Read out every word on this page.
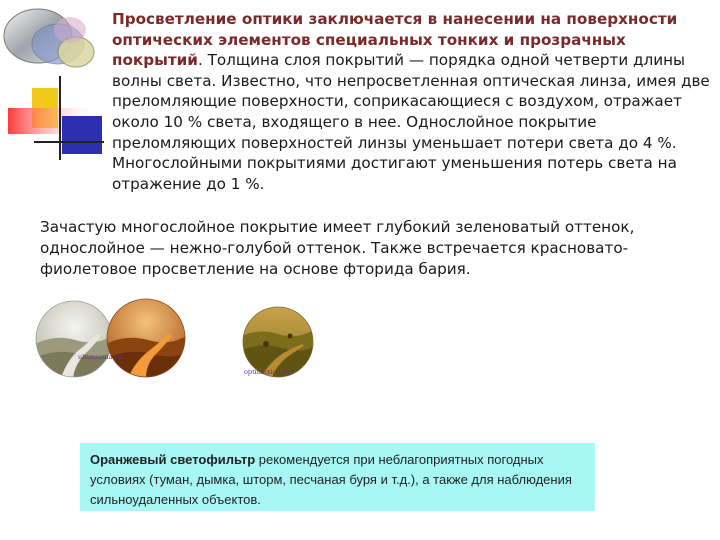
Просветление оптики заключается в нанесении на поверхности оптических элементов специальных тонких и прозрачных покрытий. Толщина слоя покрытий — порядка одной четверти длины волны света. Известно, что непросветленная оптическая линза, имея две преломляющие поверхности, соприкасающиеся с воздухом, отражает около 10 % света, входящего в нее. Однослойное покрытие преломляющих поверхностей линзы уменьшает потери света до 4 %. Многослойными покрытиями достигают уменьшения потерь света на отражение до 1 %.
Зачастую многослойное покрытие имеет глубокий зеленоватый оттенок, однослойное — нежно-голубой оттенок. Также встречается красновато-фиолетовое просветление на основе фторида бария.
ultimsenia.ru
optimaxion.ru
Оранжевый светофильтр рекомендуется при неблагоприятных погодных условиях (туман, дымка, шторм, песчаная буря и т.д.), а также для наблюдения сильноудаленных объектов.
